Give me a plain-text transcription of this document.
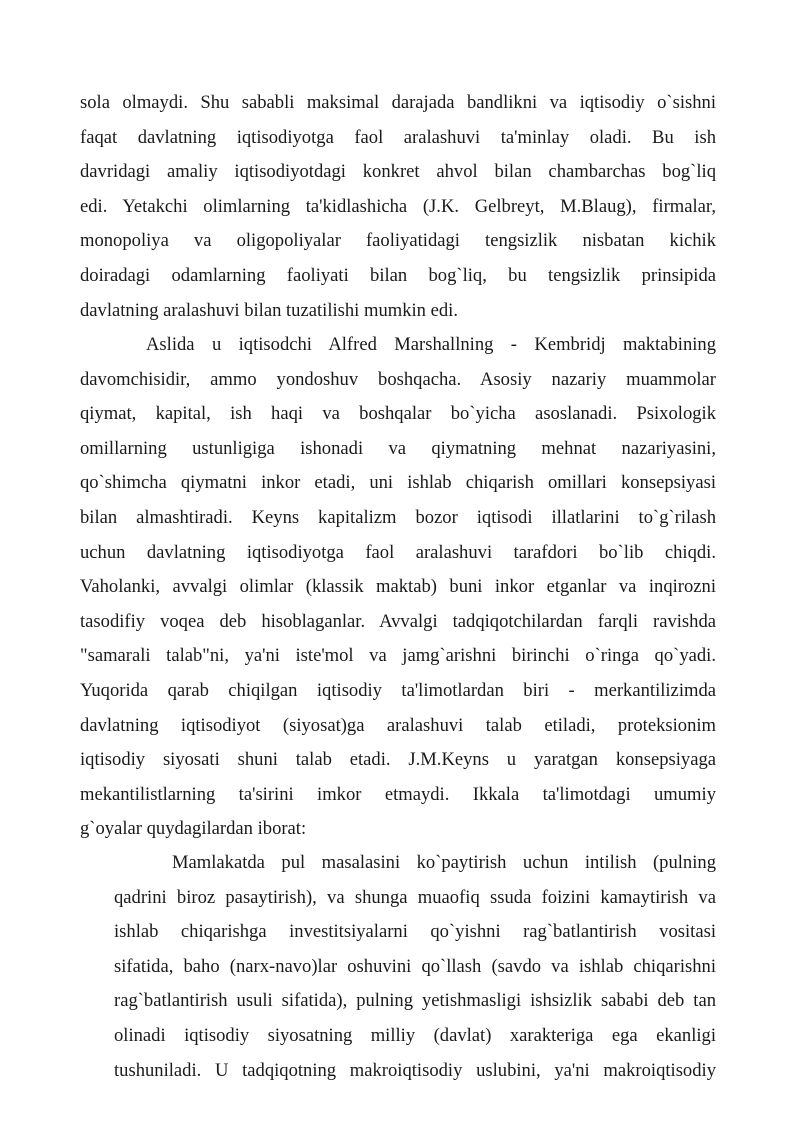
sola olmaydi. Shu sababli maksimal darajada bandlikni va iqtisodiy o`sishni
faqat davlatning iqtisodiyotga faol aralashuvi ta'minlay oladi. Bu ish
davridagi amaliy iqtisodiyotdagi konkret ahvol bilan chambarchas bog`liq
edi. Yetakchi olimlarning ta'kidlashicha (J.K. Gelbreyt, M.Blaug), firmalar,
monopoliya va oligopoliyalar faoliyatidagi tengsizlik nisbatan kichik
doiradagi odamlarning faoliyati bilan bog`liq, bu tengsizlik prinsipida
davlatning aralashuvi bilan tuzatilishi mumkin edi.
Aslida u iqtisodchi Alfred Marshallning - Kembridj maktabining
davomchisidir, ammo yondoshuv boshqacha. Asosiy nazariy muammolar
qiymat, kapital, ish haqi va boshqalar bo`yicha asoslanadi. Psixologik
omillarning ustunligiga ishonadi va qiymatning mehnat nazariyasini,
qo`shimcha qiymatni inkor etadi, uni ishlab chiqarish omillari konsepsiyasi
bilan almashtiradi. Keyns kapitalizm bozor iqtisodi illatlarini to`g`rilash
uchun davlatning iqtisodiyotga faol aralashuvi tarafdori bo`lib chiqdi.
Vaholanki, avvalgi olimlar (klassik maktab) buni inkor etganlar va inqirozni
tasodifiy voqea deb hisoblaganlar. Avvalgi tadqiqotchilardan farqli ravishda
"samarali talab"ni, ya'ni iste'mol va jamg`arishni birinchi o`ringa qo`yadi.
Yuqorida qarab chiqilgan iqtisodiy ta'limotlardan biri - merkantilizimda
davlatning iqtisodiyot (siyosat)ga aralashuvi talab etiladi, proteksionim
iqtisodiy siyosati shuni talab etadi. J.M.Keyns u yaratgan konsepsiyaga
mekantilistlarning ta'sirini imkor etmaydi. Ikkala ta'limotdagi umumiy
g`oyalar quydagilardan iborat:
Mamlakatda pul masalasini ko`paytirish uchun intilish (pulning
qadrini biroz pasaytirish), va shunga muaofiq ssuda foizini kamaytirish va
ishlab chiqarishga investitsiyalarni qo`yishni rag`batlantirish vositasi
sifatida, baho (narx-navo)lar oshuvini qo`llash (savdo va ishlab chiqarishni
rag`batlantirish usuli sifatida), pulning yetishmasligi ishsizlik sababi deb tan
olinadi iqtisodiy siyosatning milliy (davlat) xarakteriga ega ekanligi
tushuniladi. U tadqiqotning makroiqtisodiy uslubini, ya'ni makroiqtisodiy
